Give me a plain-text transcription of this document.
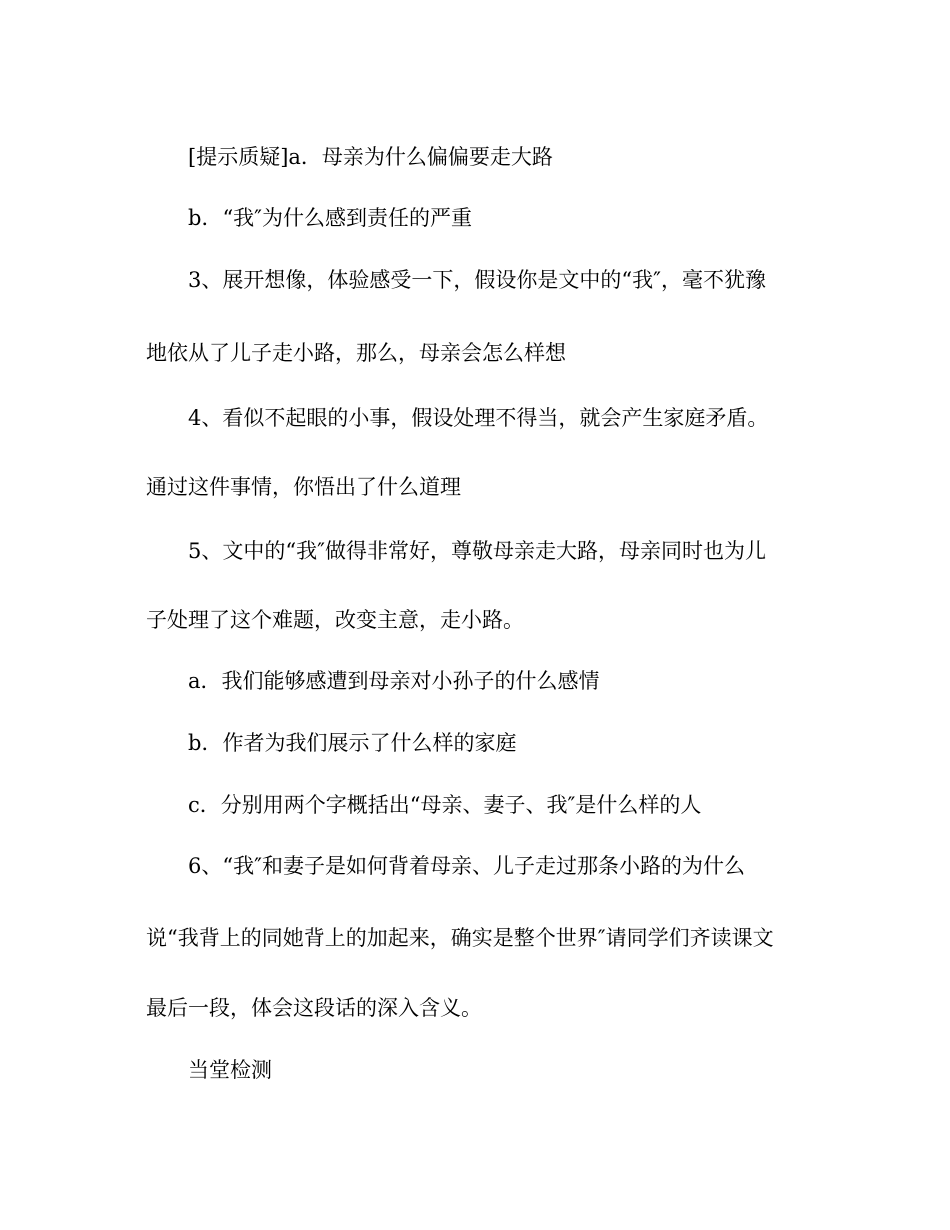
[提示质疑]a．母亲为什么偏偏要走大路
b．“我″为什么感到责任的严重
3、展开想像，体验感受一下，假设你是文中的“我″，毫不犹豫
地依从了儿子走小路，那么，母亲会怎么样想
4、看似不起眼的小事，假设处理不得当，就会产生家庭矛盾。
通过这件事情，你悟出了什么道理
5、文中的“我″做得非常好，尊敬母亲走大路，母亲同时也为儿
子处理了这个难题，改变主意，走小路。
a．我们能够感遭到母亲对小孙子的什么感情
b．作者为我们展示了什么样的家庭
c．分别用两个字概括出“母亲、妻子、我″是什么样的人
6、“我″和妻子是如何背着母亲、儿子走过那条小路的为什么
说“我背上的同她背上的加起来，确实是整个世界″请同学们齐读课文
最后一段，体会这段话的深入含义。
当堂检测
